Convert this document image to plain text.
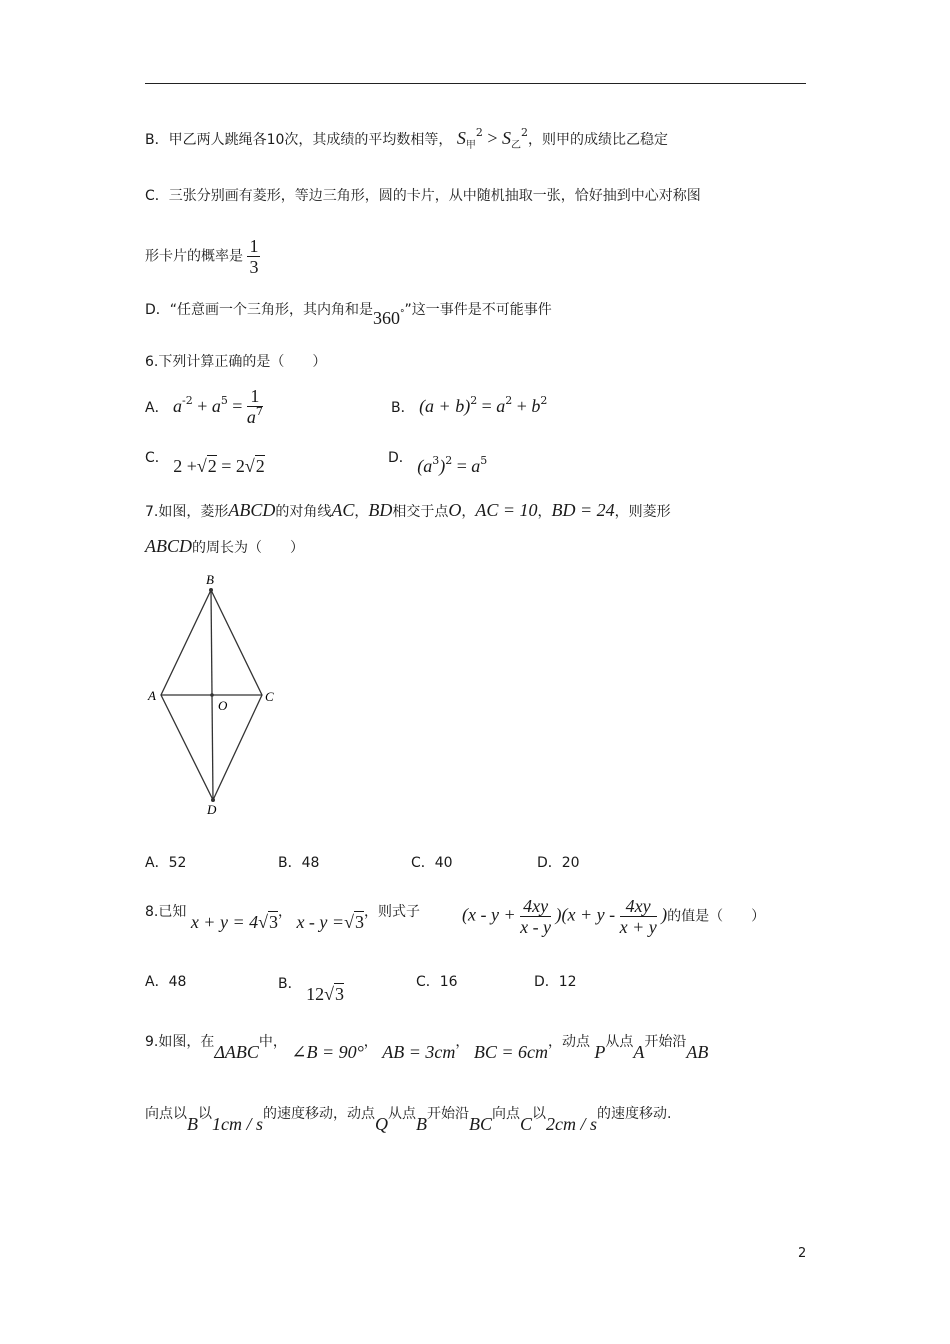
B．甲乙两人跳绳各10次，其成绩的平均数相等， $S_甲^2 > S_乙^2$，则甲的成绩比乙稳定
C．三张分别画有菱形，等边三角形，圆的卡片，从中随机抽取一张，恰好抽到中心对称图
形卡片的概率是 $\frac{1}{3}$
D．“任意画一个三角形，其内角和是360°”这一事件是不可能事件
6.下列计算正确的是（　　）
A． $a^{-2} + a^5 = \frac{1}{a^7}$	B． $(a + b)^2 = a^2 + b^2$
C． 2 +√2 = 2√2	D． $(a^3)^2 = a^5$
7.如图，菱形ABCD的对角线AC，BD相交于点O，AC = 10，BD = 24，则菱形
ABCD的周长为（　　）
B
A	C
O
D
A．52	B．48	C．40	D．20
8.已知 x + y = 4√3， x - y =√3，则式子 $(x - y + \frac{4xy}{x - y} )(x + y - \frac{4xy}{x + y}$ )的值是（　　）
A．48	B． 12√3
C．16	D．12
9.如图，在ΔABC中， ∠B = 90°， AB = 3cm， BC = 6cm，动点 P从点A开始沿AB
向点以B以1cm / s的速度移动，动点Q从点B开始沿BC向点C以2cm / s的速度移动.
2
